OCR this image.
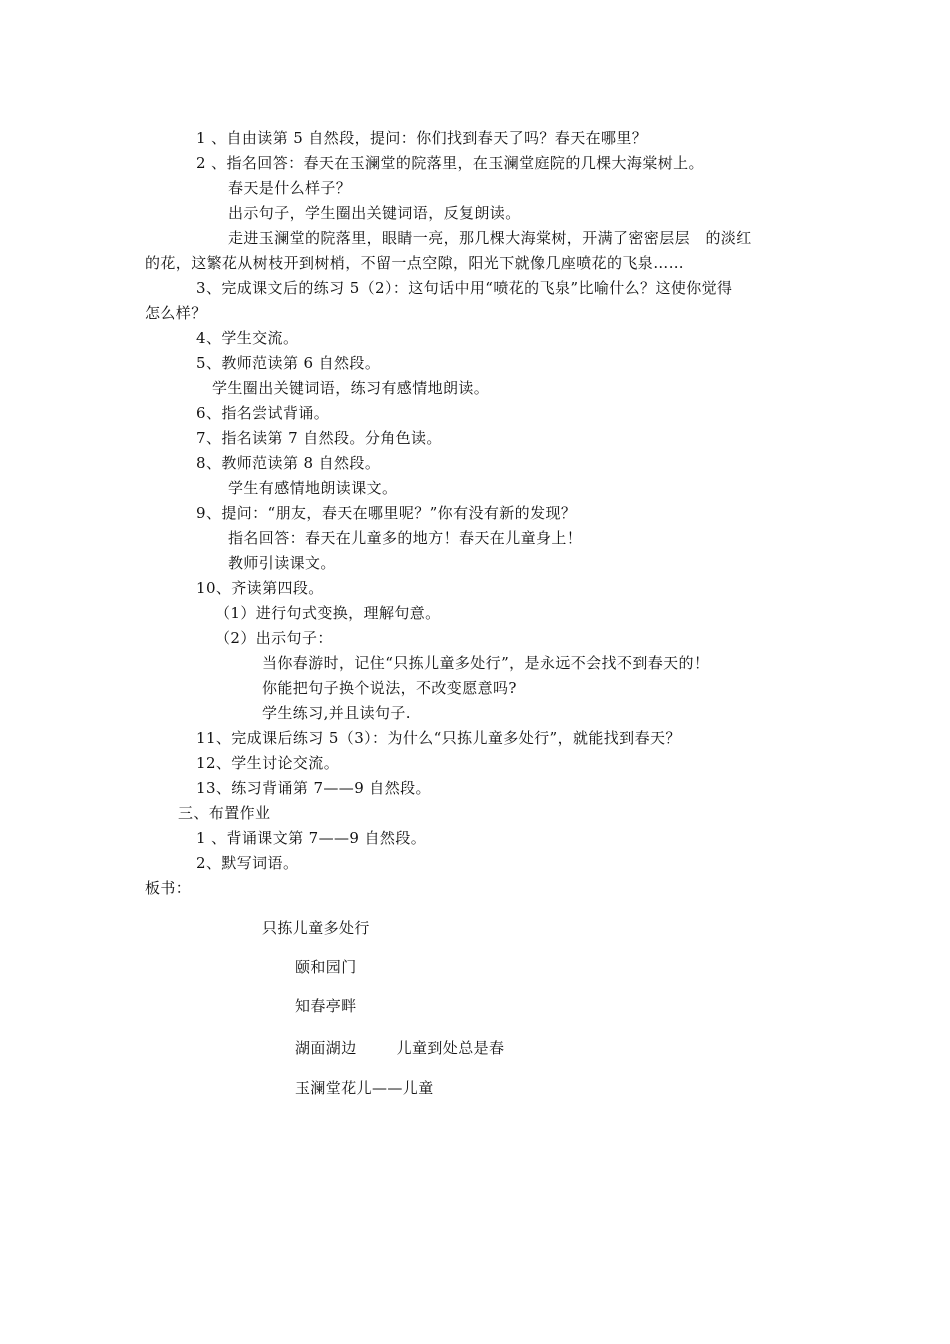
1 、自由读第 5 自然段，提问：你们找到春天了吗？春天在哪里？
2 、指名回答：春天在玉澜堂的院落里，在玉澜堂庭院的几棵大海棠树上。
春天是什么样子？
出示句子，学生圈出关键词语，反复朗读。
走进玉澜堂的院落里，眼睛一亮，那几棵大海棠树，开满了密密层层   的淡红
的花，这繁花从树枝开到树梢，不留一点空隙，阳光下就像几座喷花的飞泉……
3、完成课文后的练习 5（2）：这句话中用“喷花的飞泉”比喻什么？这使你觉得
怎么样？
4、学生交流。
5、教师范读第 6 自然段。
学生圈出关键词语，练习有感情地朗读。
6、指名尝试背诵。
7、指名读第 7 自然段。分角色读。
8、教师范读第 8 自然段。
学生有感情地朗读课文。
9、提问：“朋友，春天在哪里呢？”你有没有新的发现？
指名回答：春天在儿童多的地方！春天在儿童身上！
教师引读课文。
10、齐读第四段。
（1）进行句式变换，理解句意。
（2）出示句子：
当你春游时，记住“只拣儿童多处行”，是永远不会找不到春天的！
你能把句子换个说法，不改变愿意吗?
学生练习,并且读句子.
11、完成课后练习 5（3）：为什么“只拣儿童多处行”，就能找到春天？
12、学生讨论交流。
13、练习背诵第 7——9 自然段。
三、布置作业
1 、背诵课文第 7——9 自然段。
2、默写词语。
板书：
只拣儿童多处行
颐和园门
知春亭畔
湖面湖边	儿童到处总是春
玉澜堂花儿——儿童
